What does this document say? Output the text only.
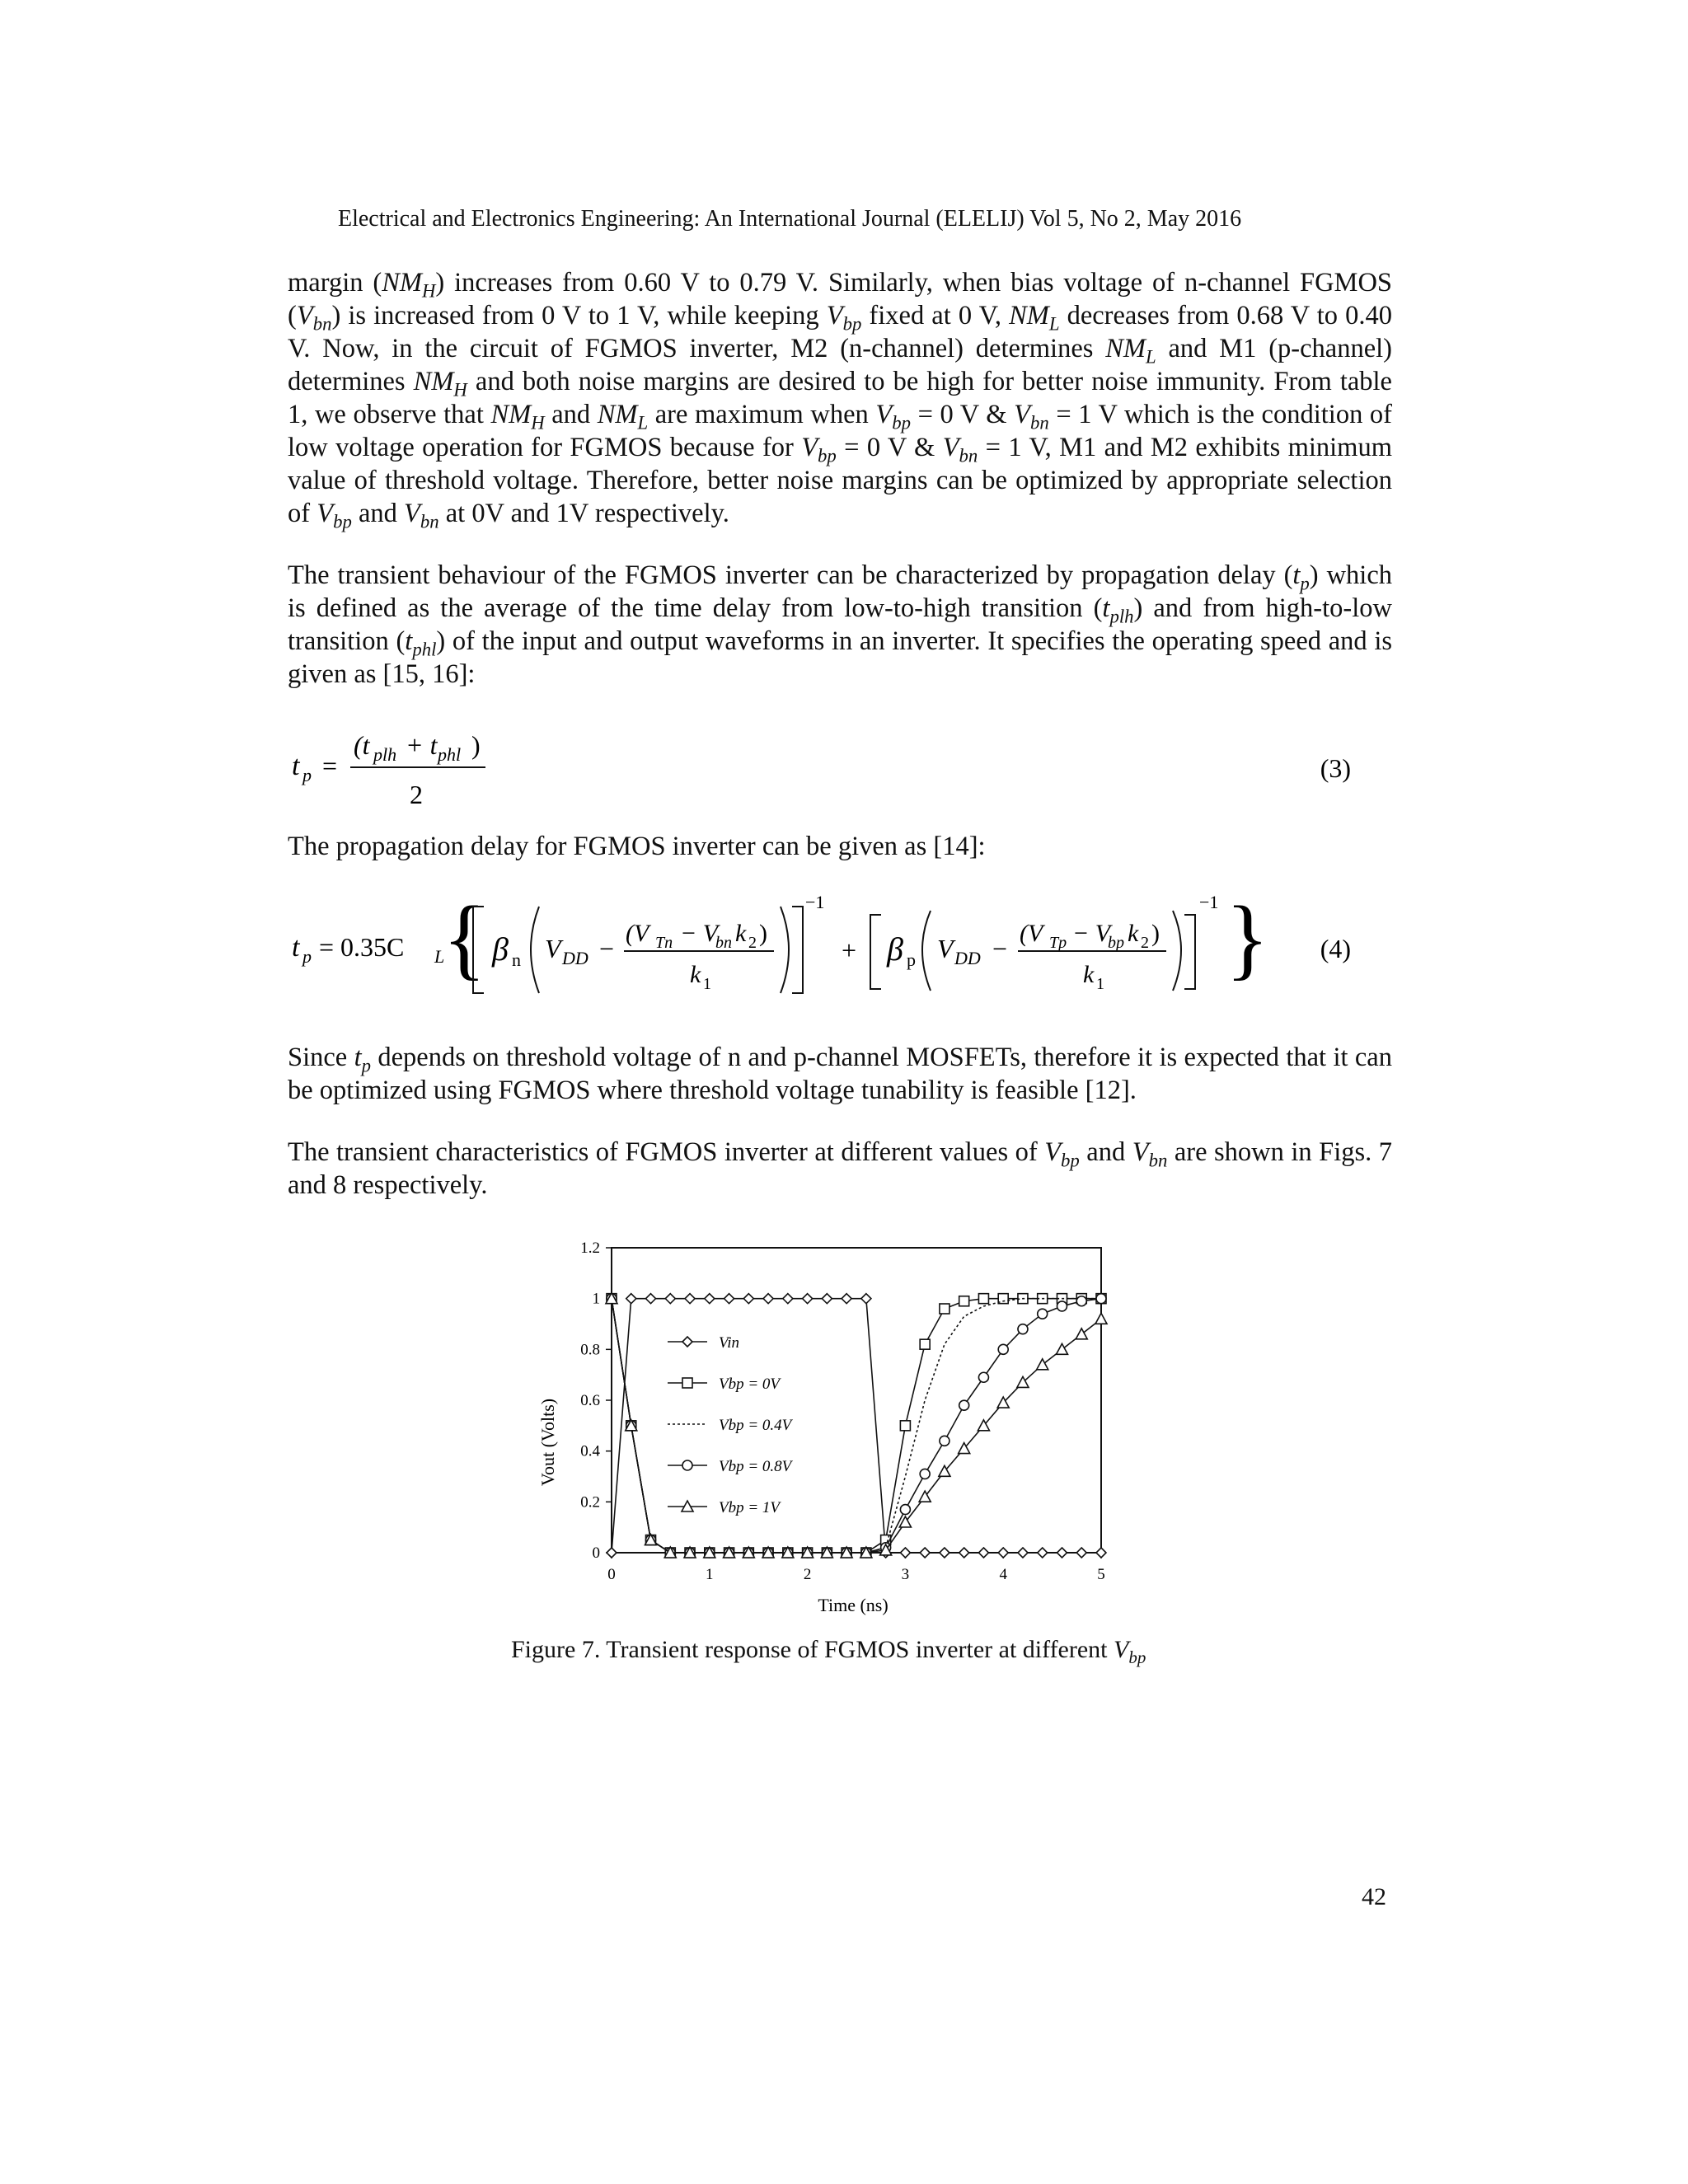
Electrical and Electronics Engineering: An International Journal (ELELIJ) Vol 5, No 2, May 2016

margin $(NM_H)$ increases from 0.60 V to 0.79 V. Similarly, when bias voltage of n-channel FGMOS $(V_{bn})$ is increased from 0 V to 1 V, while keeping $V_{bp}$ fixed at 0 V, $NM_L$ decreases from 0.68 V to 0.40 V. Now, in the circuit of FGMOS inverter, M2 (n-channel) determines $NM_L$ and M1 (p-channel) determines $NM_H$ and both noise margins are desired to be high for better noise immunity. From table 1, we observe that $NM_H$ and $NM_L$ are maximum when $V_{bp} = 0$ V & $V_{bn} = 1$ V which is the condition of low voltage operation for FGMOS because for $V_{bp} = 0$ V & $V_{bn} = 1$ V, M1 and M2 exhibits minimum value of threshold voltage. Therefore, better noise margins can be optimized by appropriate selection of $V_{bp}$ and $V_{bn}$ at 0V and 1V respectively.

The transient behaviour of the FGMOS inverter can be characterized by propagation delay $(t_p)$ which is defined as the average of the time delay from low-to-high transition $(t_{plh})$ and from high-to-low transition $(t_{phl})$ of the input and output waveforms in an inverter. It specifies the operating speed and is given as [15, 16]:

t p =
(t plh + t phl )
2
(3)

The propagation delay for FGMOS inverter can be given as [14]:

t p = 0.35C L
{ β n V DD −
(V Tn − V
bn k 2 )
k 1
−1
+ β p V DD −
(V Tp − V
bp k 2 )
k 1
−1 } (4)

Since $t_p$ depends on threshold voltage of n and p-channel MOSFETs, therefore it is expected that it can be optimized using FGMOS where threshold voltage tunability is feasible [12].

The transient characteristics of FGMOS inverter at different values of $V_{bp}$ and $V_{bn}$ are shown in Figs. 7 and 8 respectively.

0	1	2	3	4	5
0
0.2
0.4
0.6
0.8
1
1.2
Vin
Vbp = 0V
Vbp = 0.4V
Vbp = 0.8V
Vbp = 1V
Time (ns)
Vout (Volts)
Figure 7. Transient response of FGMOS inverter at different $V_{bp}$
42
